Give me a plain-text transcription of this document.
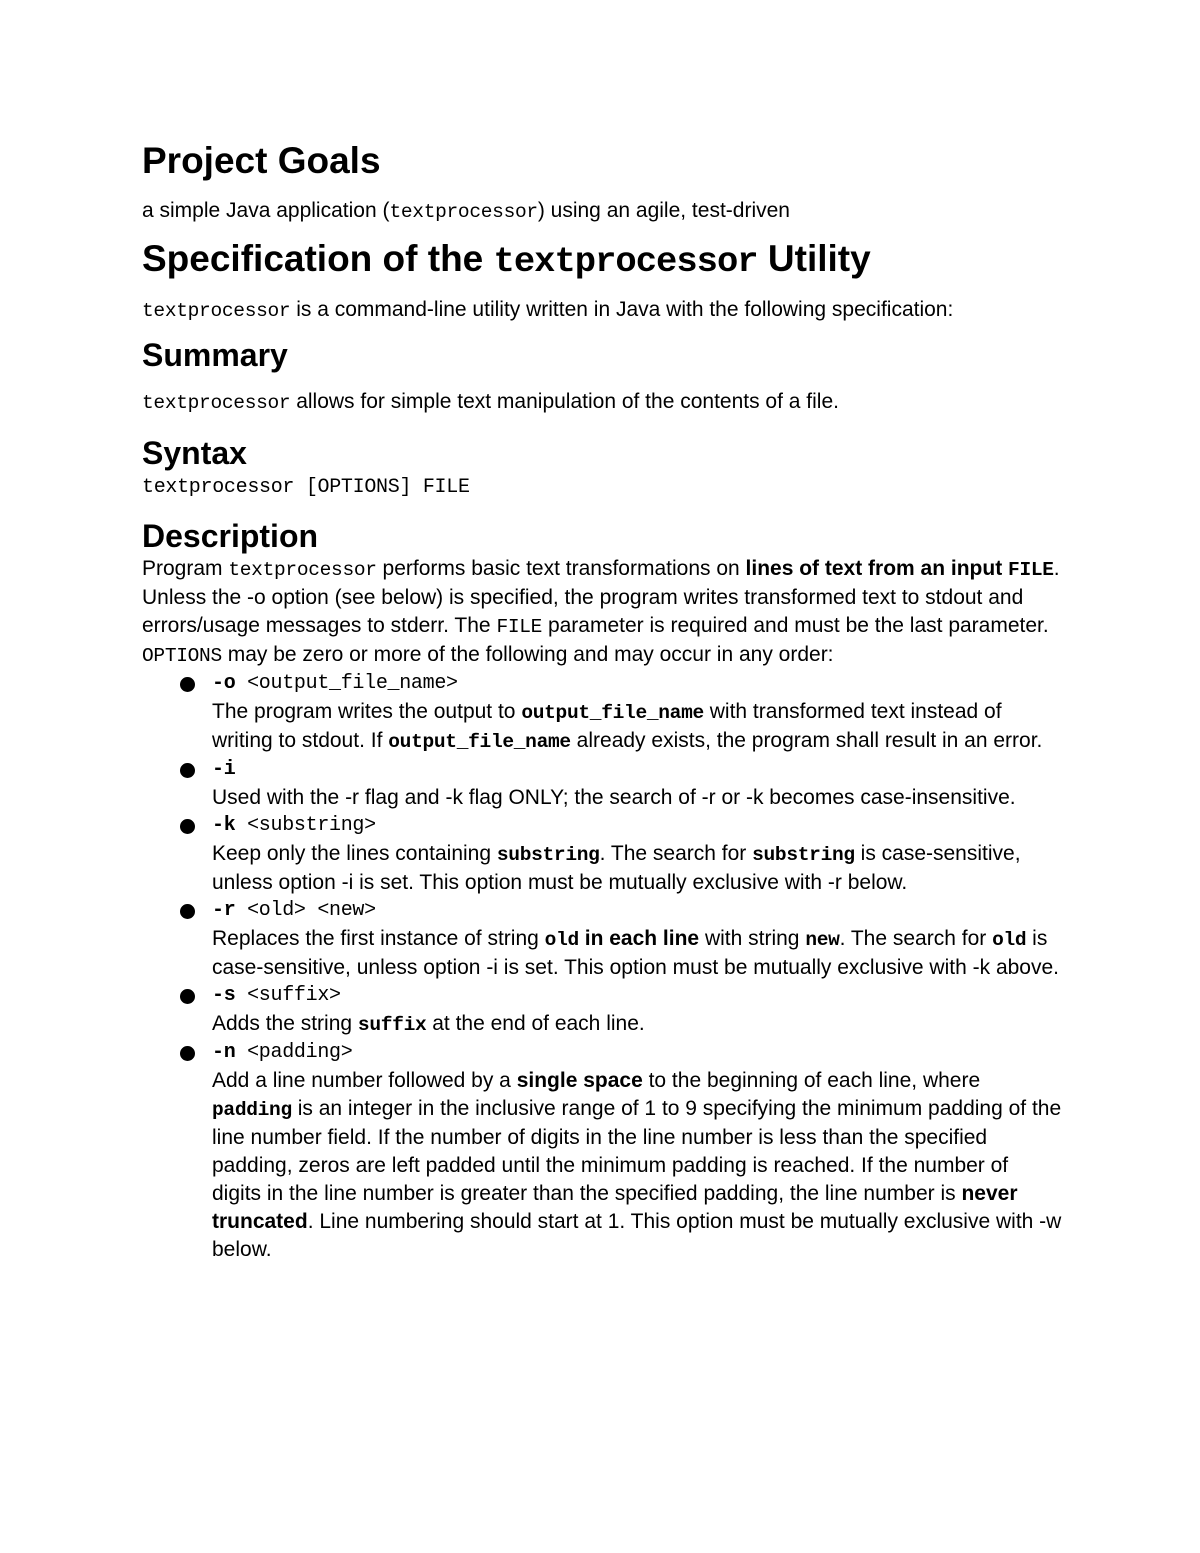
Project Goals

a simple Java application (textprocessor) using an agile, test-driven

Specification of the textprocessor Utility

textprocessor is a command-line utility written in Java with the following specification:

Summary

textprocessor allows for simple text manipulation of the contents of a file.

Syntax
textprocessor [OPTIONS] FILE
Description

Program textprocessor performs basic text transformations on lines of text from an input FILE. Unless the -o option (see below) is specified, the program writes transformed text to stdout and errors/usage messages to stderr. The FILE parameter is required and must be the last parameter. OPTIONS may be zero or more of the following and may occur in any order:

-o <output_file_name>
The program writes the output to output_file_name with transformed text instead of writing to stdout. If output_file_name already exists, the program shall result in an error.
-i
Used with the -r flag and -k flag ONLY; the search of -r or -k becomes case-insensitive.
-k <substring>
Keep only the lines containing substring. The search for substring is case-sensitive, unless option -i is set. This option must be mutually exclusive with -r below.
-r <old> <new>
Replaces the first instance of string old in each line with string new. The search for old is case-sensitive, unless option -i is set. This option must be mutually exclusive with -k above.
-s <suffix>
Adds the string suffix at the end of each line.
-n <padding>
Add a line number followed by a single space to the beginning of each line, where padding is an integer in the inclusive range of 1 to 9 specifying the minimum padding of the line number field. If the number of digits in the line number is less than the specified padding, zeros are left padded until the minimum padding is reached. If the number of digits in the line number is greater than the specified padding, the line number is never truncated. Line numbering should start at 1. This option must be mutually exclusive with -w below.
